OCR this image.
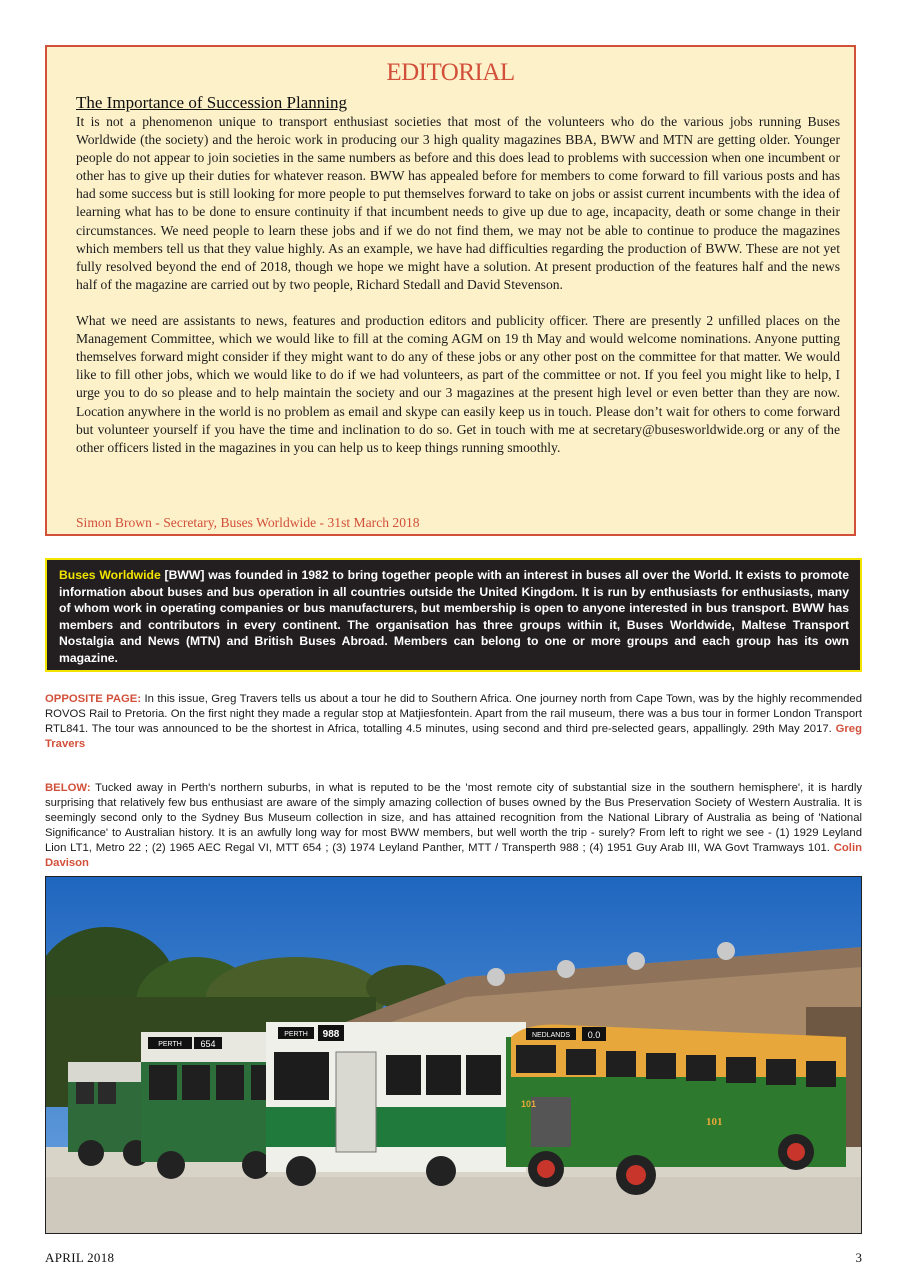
EDITORIAL
The Importance of Succession Planning

It is not a phenomenon unique to transport enthusiast societies that most of the volunteers who do the various jobs running Buses Worldwide (the society) and the heroic work in producing our 3 high quality magazines BBA, BWW and MTN are getting older. Younger people do not appear to join societies in the same numbers as before and this does lead to problems with succession when one incumbent or other has to give up their duties for whatever reason. BWW has appealed before for members to come forward to fill various posts and has had some success but is still looking for more people to put themselves forward to take on jobs or assist current incumbents with the idea of learning what has to be done to ensure continuity if that incumbent needs to give up due to age, incapacity, death or some change in their circumstances. We need people to learn these jobs and if we do not find them, we may not be able to continue to produce the magazines which members tell us that they value highly. As an example, we have had difficulties regarding the production of BWW. These are not yet fully resolved beyond the end of 2018, though we hope we might have a solution. At present production of the features half and the news half of the magazine are carried out by two people, Richard Stedall and David Stevenson.

What we need are assistants to news, features and production editors and publicity officer. There are presently 2 unfilled places on the Management Committee, which we would like to fill at the coming AGM on 19 th May and would welcome nominations. Anyone putting themselves forward might consider if they might want to do any of these jobs or any other post on the committee for that matter. We would like to fill other jobs, which we would like to do if we had volunteers, as part of the committee or not. If you feel you might like to help, I urge you to do so please and to help maintain the society and our 3 magazines at the present high level or even better than they are now. Location anywhere in the world is no problem as email and skype can easily keep us in touch. Please don’t wait for others to come forward but volunteer yourself if you have the time and inclination to do so. Get in touch with me at secretary@busesworldwide.org or any of the other officers listed in the magazines in you can help us to keep things running smoothly.

Simon Brown - Secretary, Buses Worldwide - 31st March 2018
Buses Worldwide [BWW] was founded in 1982 to bring together people with an interest in buses all over the World. It exists to promote information about buses and bus operation in all countries outside the United Kingdom. It is run by enthusiasts for enthusiasts, many of whom work in operating companies or bus manufacturers, but membership is open to anyone interested in bus transport. BWW has members and contributors in every continent. The organisation has three groups within it, Buses Worldwide, Maltese Transport Nostalgia and News (MTN) and British Buses Abroad. Members can belong to one or more groups and each group has its own magazine.
OPPOSITE PAGE: In this issue, Greg Travers tells us about a tour he did to Southern Africa. One journey north from Cape Town, was by the highly recommended ROVOS Rail to Pretoria. On the first night they made a regular stop at Matjiesfontein. Apart from the rail museum, there was a bus tour in former London Transport RTL841. The tour was announced to be the shortest in Africa, totalling 4.5 minutes, using second and third pre-selected gears, appallingly. 29th May 2017. Greg Travers
BELOW: Tucked away in Perth's northern suburbs, in what is reputed to be the 'most remote city of substantial size in the southern hemisphere', it is hardly surprising that relatively few bus enthusiast are aware of the simply amazing collection of buses owned by the Bus Preservation Society of Western Australia. It is seemingly second only to the Sydney Bus Museum collection in size, and has attained recognition from the National Library of Australia as being of 'National Significance' to Australian history. It is an awfully long way for most BWW members, but well worth the trip - surely? From left to right we see - (1) 1929 Leyland Lion LT1, Metro 22 ; (2) 1965 AEC Regal VI, MTT 654 ; (3) 1974 Leyland Panther, MTT / Transperth 988 ; (4) 1951 Guy Arab III, WA Govt Tramways 101. Colin Davison
PERTH 654
PERTH 988	NEDLANDS 0.0
101
101
APRIL 2018	3
